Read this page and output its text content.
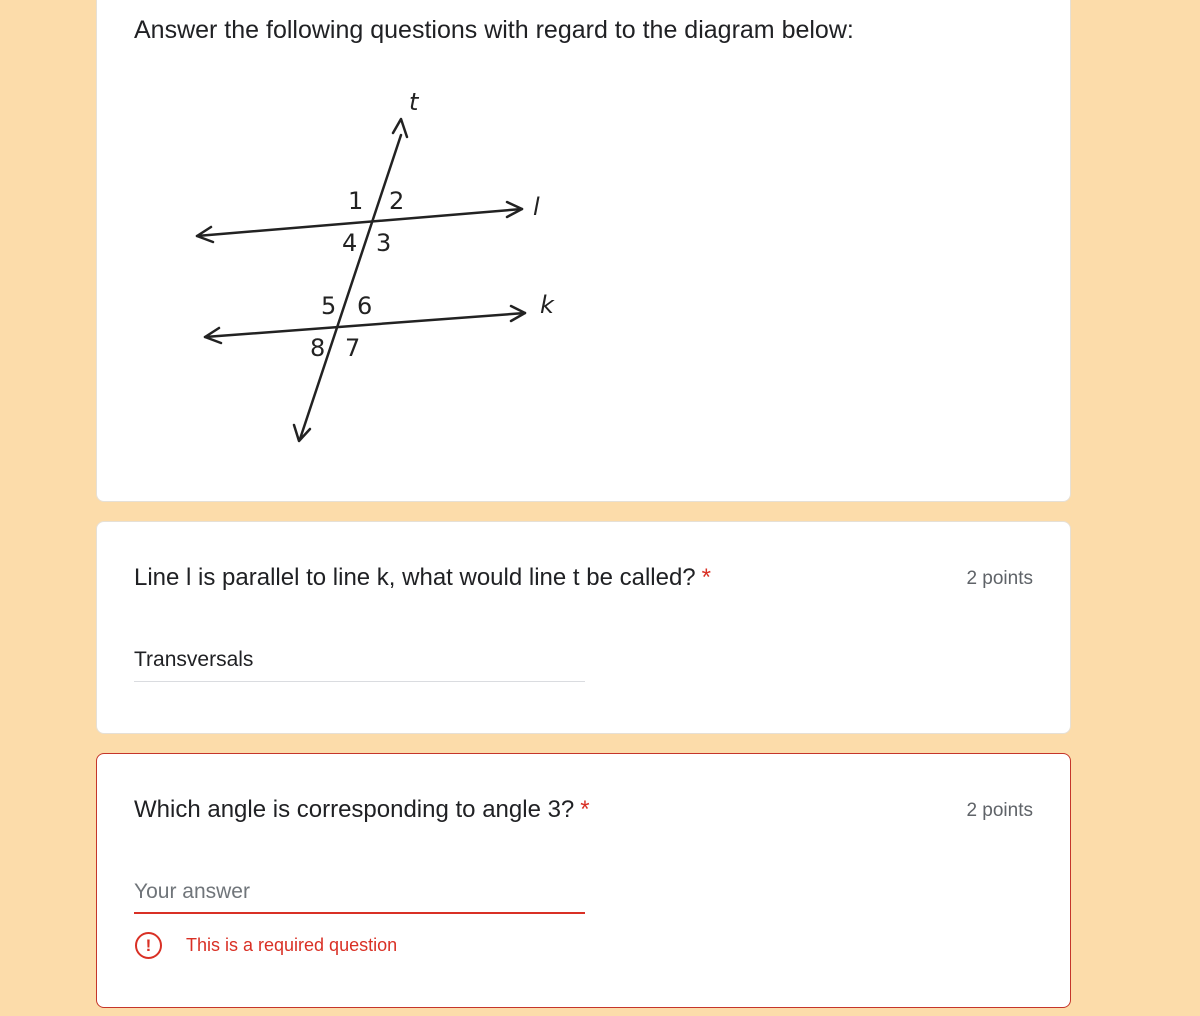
Answer the following questions with regard to the diagram below:
t
l
k
1 2
3
4
5 6
7
8
Line l is parallel to line k, what would line t be called? *	2 points
Transversals
Which angle is corresponding to angle 3? *	2 points
Your answer
!	This is a required question
